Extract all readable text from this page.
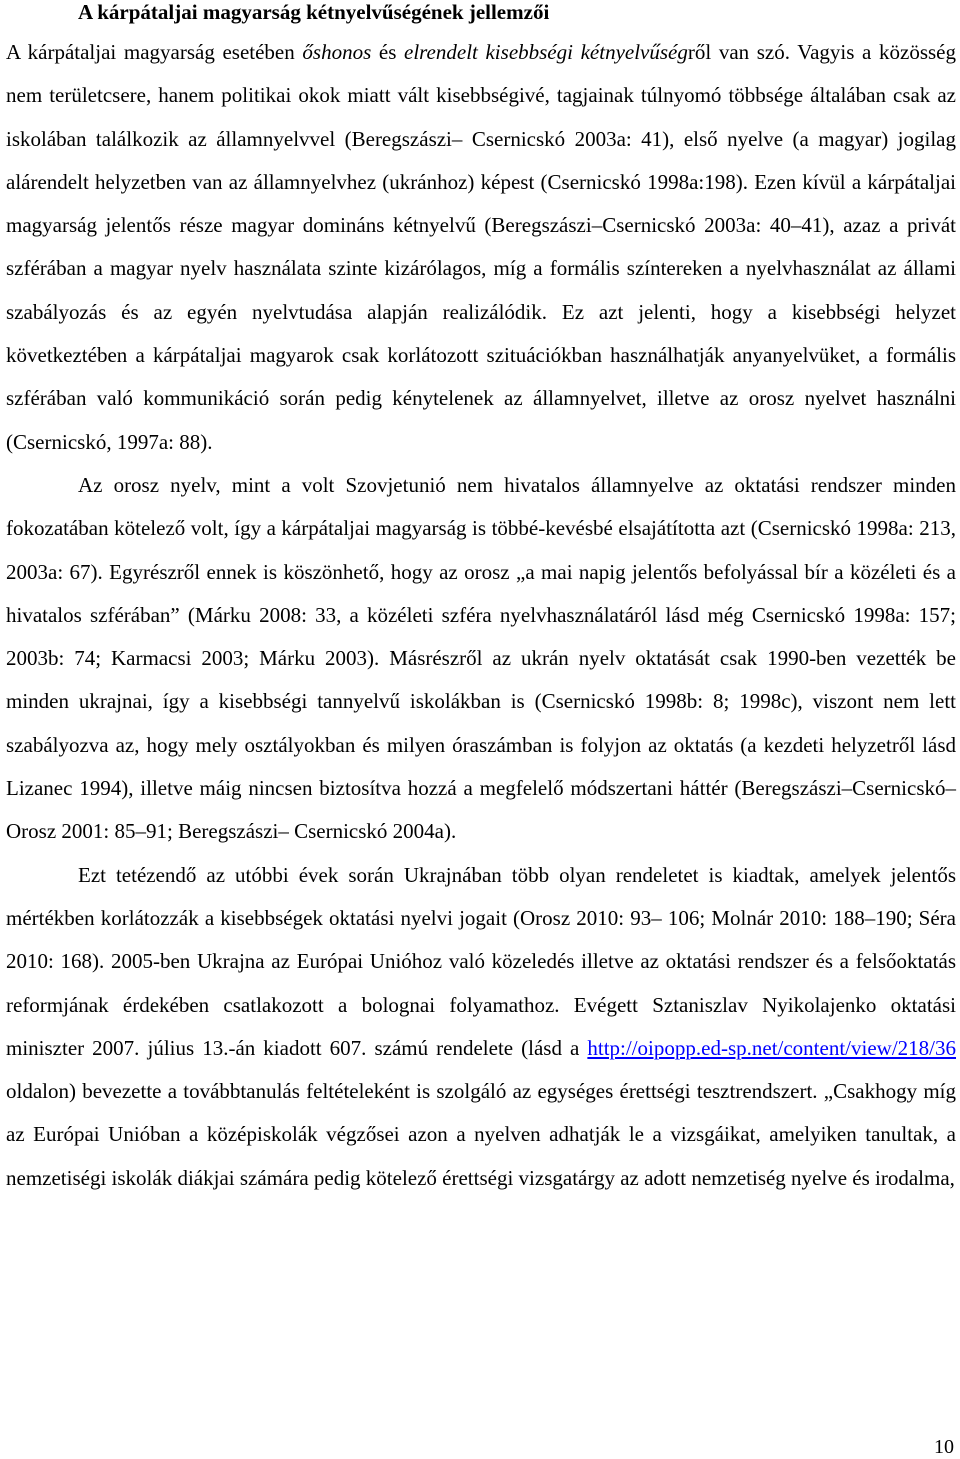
A kárpátaljai magyarság kétnyelvűségének jellemzői

A kárpátaljai magyarság esetében őshonos és elrendelt kisebbségi kétnyelvűségről van szó. Vagyis a közösség nem területcsere, hanem politikai okok miatt vált kisebbségivé, tagjainak túlnyomó többsége általában csak az iskolában találkozik az államnyelvvel (Beregszászi– Csernicskó 2003a: 41), első nyelve (a magyar) jogilag alárendelt helyzetben van az államnyelvhez (ukránhoz) képest (Csernicskó 1998a:198). Ezen kívül a kárpátaljai magyarság jelentős része magyar domináns kétnyelvű (Beregszászi–Csernicskó 2003a: 40–41), azaz a privát szférában a magyar nyelv használata szinte kizárólagos, míg a formális színtereken a nyelvhasználat az állami szabályozás és az egyén nyelvtudása alapján realizálódik. Ez azt jelenti, hogy a kisebbségi helyzet következtében a kárpátaljai magyarok csak korlátozott szituációkban használhatják anyanyelvüket, a formális szférában való kommunikáció során pedig kénytelenek az államnyelvet, illetve az orosz nyelvet használni (Csernicskó, 1997a: 88).

Az orosz nyelv, mint a volt Szovjetunió nem hivatalos államnyelve az oktatási rendszer minden fokozatában kötelező volt, így a kárpátaljai magyarság is többé-kevésbé elsajátította azt (Csernicskó 1998a: 213, 2003a: 67). Egyrészről ennek is köszönhető, hogy az orosz „a mai napig jelentős befolyással bír a közéleti és a hivatalos szférában” (Márku 2008: 33, a közéleti szféra nyelvhasználatáról lásd még Csernicskó 1998a: 157; 2003b: 74; Karmacsi 2003; Márku 2003). Másrészről az ukrán nyelv oktatását csak 1990-ben vezették be minden ukrajnai, így a kisebbségi tannyelvű iskolákban is (Csernicskó 1998b: 8; 1998c), viszont nem lett szabályozva az, hogy mely osztályokban és milyen óraszámban is folyjon az oktatás (a kezdeti helyzetről lásd Lizanec 1994), illetve máig nincsen biztosítva hozzá a megfelelő módszertani háttér (Beregszászi–Csernicskó–Orosz 2001: 85–91; Beregszászi– Csernicskó 2004a).

Ezt tetézendő az utóbbi évek során Ukrajnában több olyan rendeletet is kiadtak, amelyek jelentős mértékben korlátozzák a kisebbségek oktatási nyelvi jogait (Orosz 2010: 93– 106; Molnár 2010: 188–190; Séra 2010: 168). 2005-ben Ukrajna az Európai Unióhoz való közeledés illetve az oktatási rendszer és a felsőoktatás reformjának érdekében csatlakozott a bolognai folyamathoz. Evégett Sztaniszlav Nyikolajenko oktatási miniszter 2007. július 13.-án kiadott 607. számú rendelete (lásd a http://oipopp.ed-sp.net/content/view/218/36 oldalon) bevezette a továbbtanulás feltételeként is szolgáló az egységes érettségi tesztrendszert. „Csakhogy míg az Európai Unióban a középiskolák végzősei azon a nyelven adhatják le a vizsgáikat, amelyiken tanultak, a nemzetiségi iskolák diákjai számára pedig kötelező érettségi vizsgatárgy az adott nemzetiség nyelve és irodalma,

10
